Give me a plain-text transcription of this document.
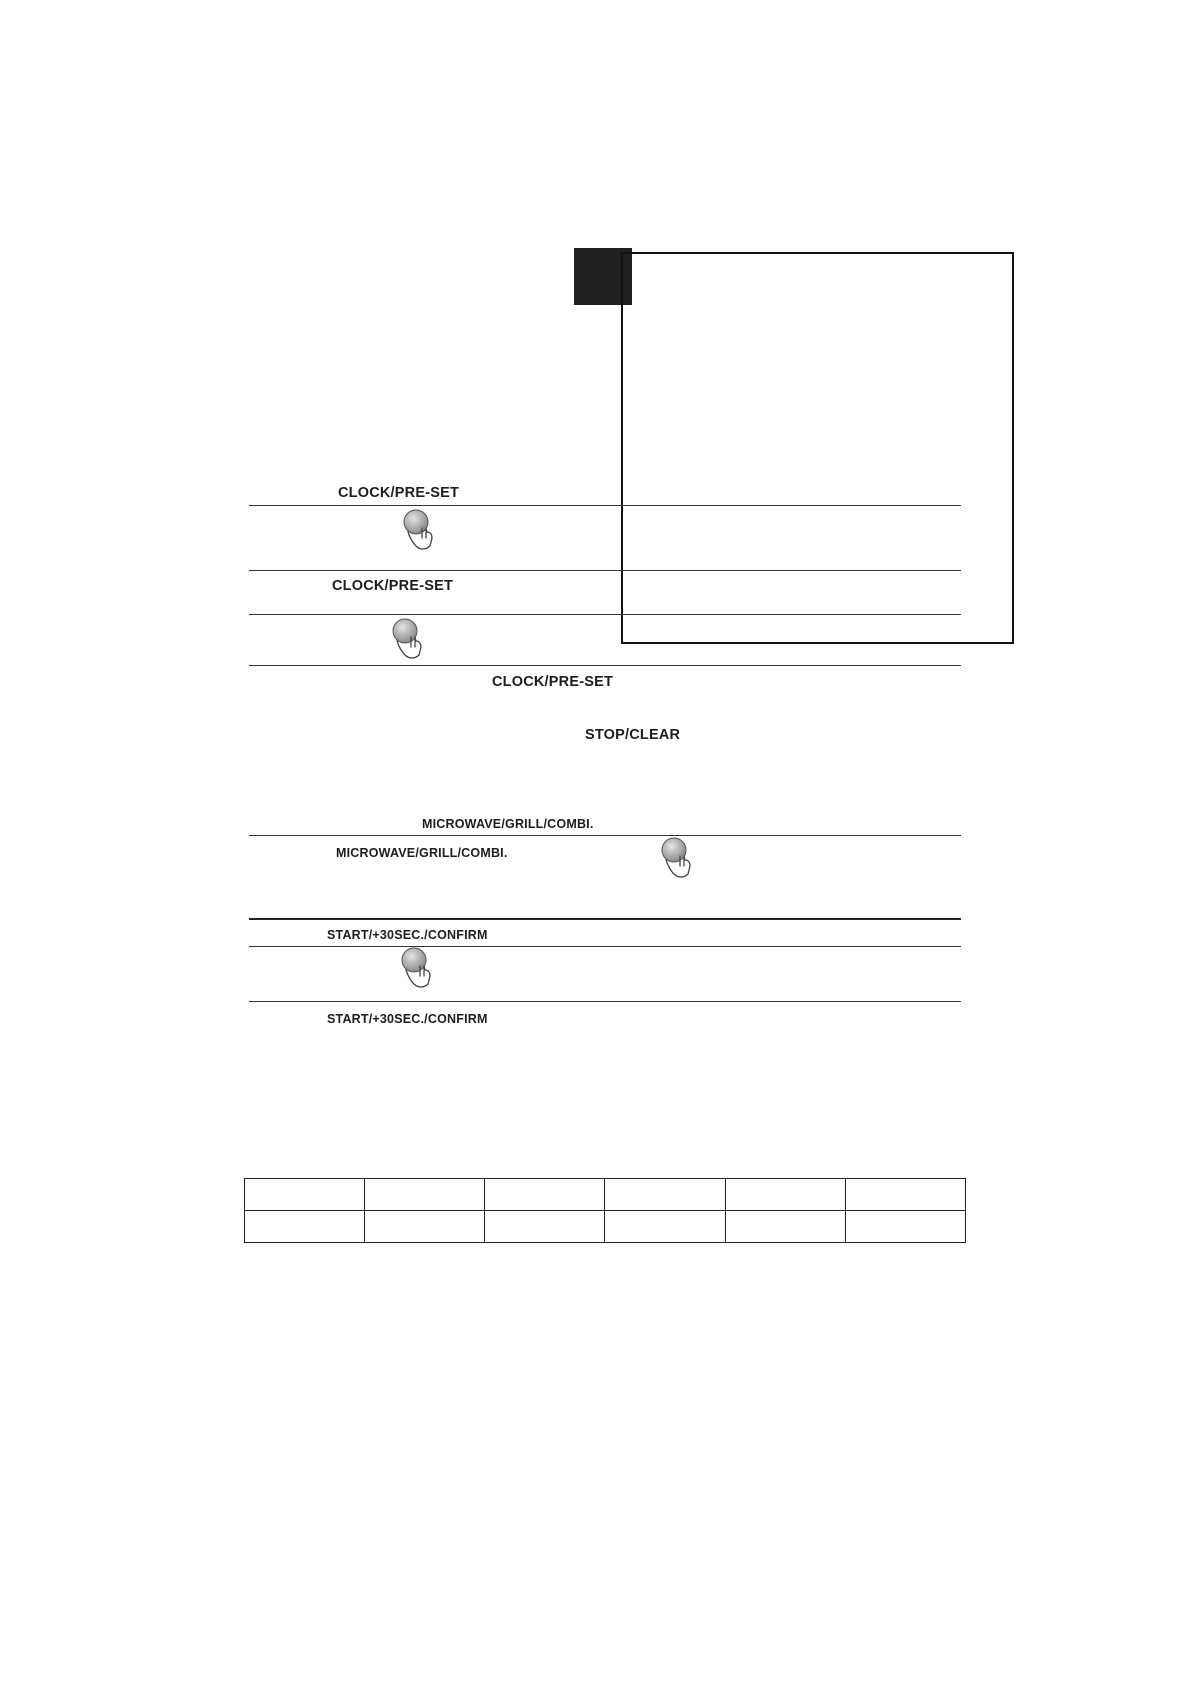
CLOCK/PRE-SET
CLOCK/PRE-SET
CLOCK/PRE-SET
STOP/CLEAR
MICROWAVE/GRILL/COMBI.
MICROWAVE/GRILL/COMBI.
START/+30SEC./CONFIRM
START/+30SEC./CONFIRM
